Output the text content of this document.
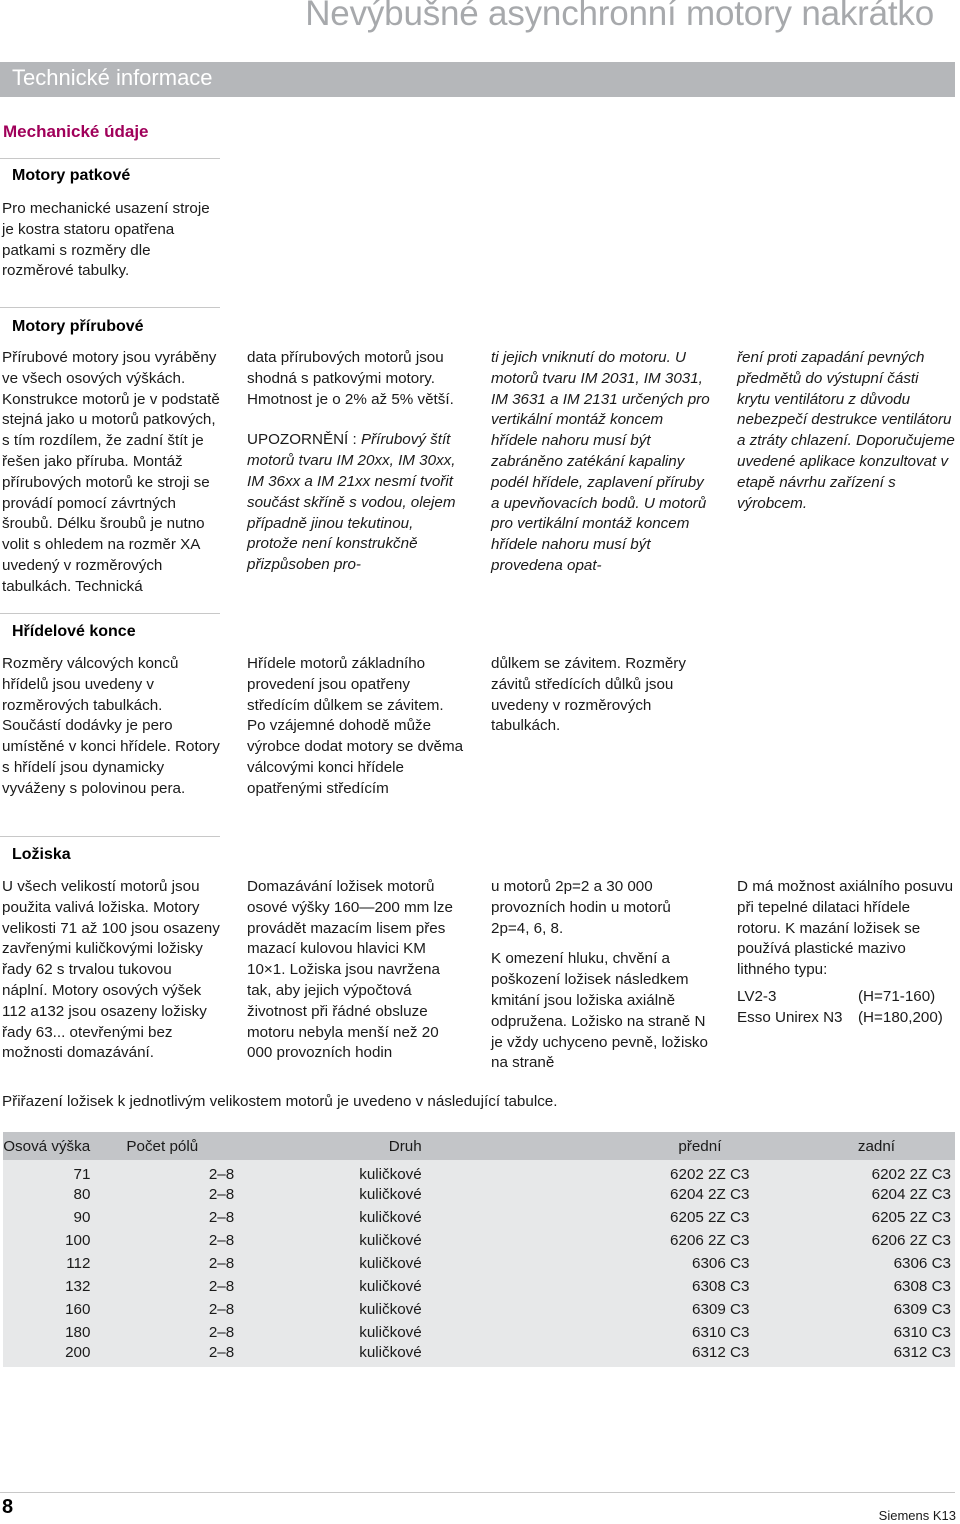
Nevýbušné asynchronní motory nakrátko
Technické informace
Mechanické údaje
Motory patkové

Pro mechanické usazení stroje je kostra statoru opatřena patkami s rozměry dle rozměrové tabulky.

Motory přírubové

Přírubové motory jsou vyráběny ve všech osových výškách. Konstrukce motorů je v podstatě stejná jako u motorů patkových, s tím rozdílem, že zadní štít je řešen jako příruba. Montáž přírubových motorů ke stroji se provádí pomocí závrtných šroubů. Délku šroubů je nutno volit s ohledem na rozměr XA uvedený v rozměrových tabulkách. Technická

data přírubových motorů jsou shodná s patkovými motory. Hmotnost je o 2% až 5% větší.

UPOZORNĚNÍ : Přírubový štít motorů tvaru IM 20xx, IM 30xx, IM 36xx a IM 21xx nesmí tvořit součást skříně s vodou, olejem případně jinou tekutinou, protože není konstrukčně přizpůsoben pro-

ti jejich vniknutí do motoru. U motorů tvaru IM 2031, IM 3031, IM 3631 a IM 2131 určených pro vertikální montáž koncem hřídele nahoru musí být zabráněno zatékání kapaliny podél hřídele, zaplavení příruby a upevňovacích bodů. U motorů pro vertikální montáž koncem hřídele nahoru musí být provedena opat-

ření proti zapadání pevných předmětů do výstupní části krytu ventilátoru z důvodu nebezpečí destrukce ventilátoru a ztráty chlazení. Doporučujeme uvedené aplikace konzultovat v etapě návrhu zařízení s výrobcem.

Hřídelové konce

Rozměry válcových konců hřídelů jsou uvedeny v rozměrových tabulkách. Součástí dodávky je pero umístěné v konci hřídele. Rotory s hřídelí jsou dynamicky vyváženy s polovinou pera.

Hřídele motorů základního provedení jsou opatřeny středícím důlkem se závitem. Po vzájemné dohodě může výrobce dodat motory se dvěma válcovými konci hřídele opatřenými středícím

důlkem se závitem. Rozměry závitů středících důlků jsou uvedeny v rozměrových tabulkách.

Ložiska

U všech velikostí motorů jsou použita valivá ložiska. Motory velikosti 71 až 100 jsou osazeny zavřenými kuličkovými ložisky řady 62 s trvalou tukovou náplní. Motory osových výšek 112 a132 jsou osazeny ložisky řady 63... otevřenými bez možnosti domazávání.

Domazávání ložisek motorů osové výšky 160—200 mm lze provádět mazacím lisem přes mazací kulovou hlavici KM 10×1. Ložiska jsou navržena tak, aby jejich výpočtová životnost při řádné obsluze motoru nebyla menší než 20 000 provozních hodin

u motorů 2p=2 a 30 000 provozních hodin u motorů 2p=4, 6, 8.

K omezení hluku, chvění a poškození ložisek následkem kmitání jsou ložiska axiálně odpružena. Ložisko na straně N je vždy uchyceno pevně, ložisko na straně

D má možnost axiálního posuvu při tepelné dilataci hřídele rotoru. K mazání ložisek se používá plastické mazivo lithného typu:

LV2-3	(H=71-160)
Esso Unirex N3 (H=180,200)

Přiřazení ložisek k jednotlivým velikostem motorů je uvedeno v následující tabulce.

Osová výška	Počet pólů	Druh	přední	zadní
71	2–8	kuličkové	6202 2Z C3	6202 2Z C3
80	2–8	kuličkové	6204 2Z C3	6204 2Z C3
90	2–8	kuličkové	6205 2Z C3	6205 2Z C3
100	2–8	kuličkové	6206 2Z C3	6206 2Z C3
112	2–8	kuličkové	6306 C3	6306 C3
132	2–8	kuličkové	6308 C3	6308 C3
160	2–8	kuličkové	6309 C3	6309 C3
180	2–8	kuličkové	6310 C3	6310 C3
200	2–8	kuličkové	6312 C3	6312 C3
8	Siemens K13
